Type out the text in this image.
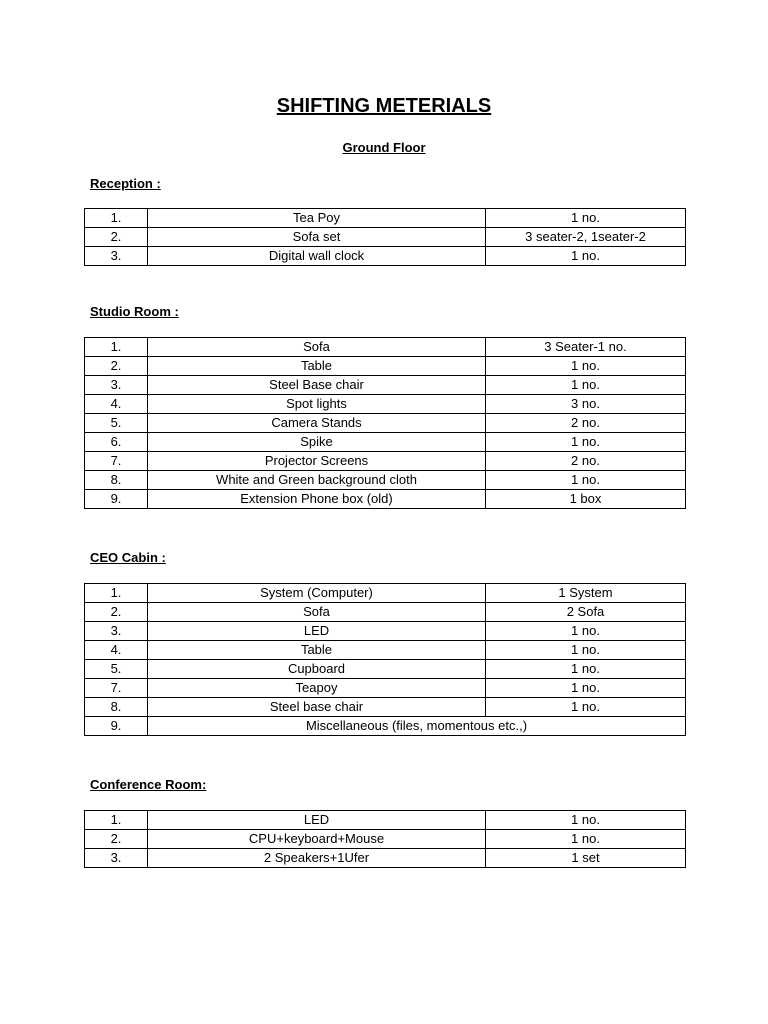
SHIFTING METERIALS
Ground Floor
Reception :
1.	Tea Poy	1 no.
2.	Sofa set	3 seater-2, 1seater-2
3.	Digital wall clock	1 no.
Studio Room :
1.	Sofa	3 Seater-1 no.
2.	Table	1 no.
3.	Steel Base chair	1 no.
4.	Spot lights	3 no.
5.	Camera Stands	2 no.
6.	Spike	1 no.
7.	Projector Screens	2 no.
8.	White and Green background cloth	1 no.
9.	Extension Phone box (old)	1 box
CEO Cabin :
1.	System (Computer)	1 System
2.	Sofa	2 Sofa
3.	LED	1 no.
4.	Table	1 no.
5.	Cupboard	1 no.
7.	Teapoy	1 no.
8.	Steel base chair	1 no.
9.	Miscellaneous (files, momentous etc.,)	
Conference Room:
1.	LED	1 no.
2.	CPU+keyboard+Mouse	1 no.
3.	2 Speakers+1Ufer	1 set
